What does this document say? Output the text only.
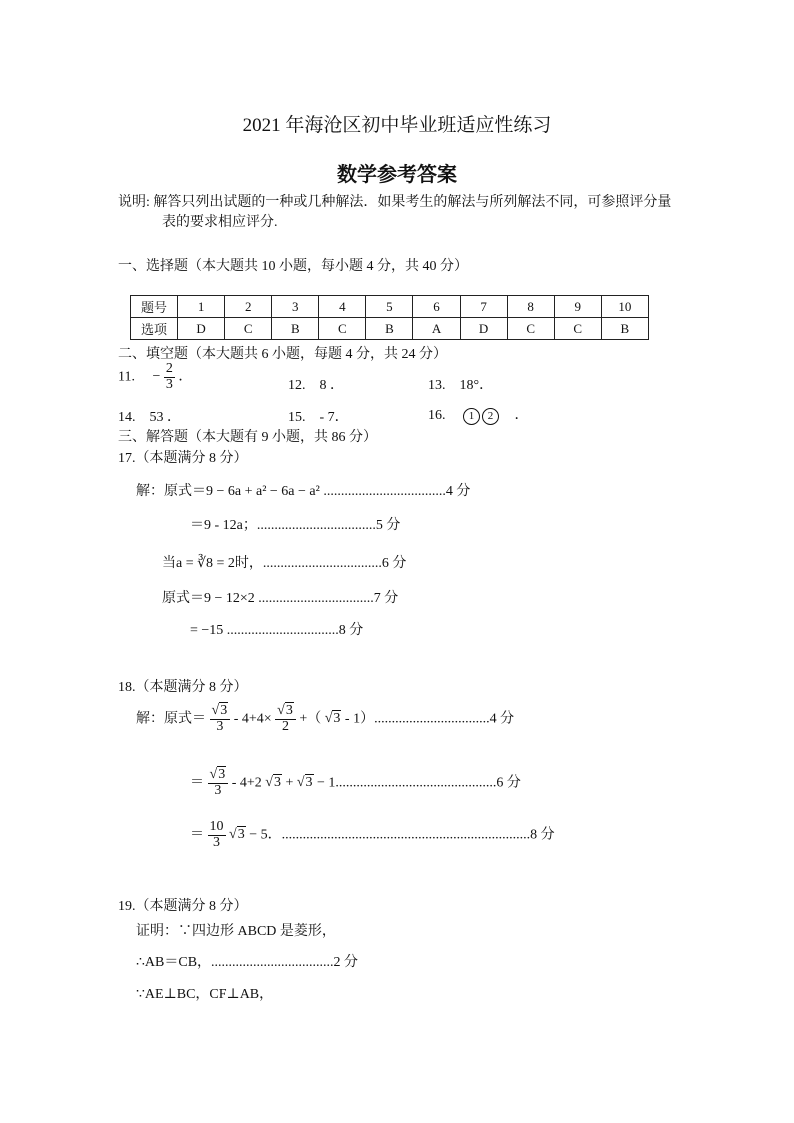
2021 年海沧区初中毕业班适应性练习
数学参考答案
说明: 解答只列出试题的一种或几种解法．如果考生的解法与所列解法不同，可参照评分量
表的要求相应评分.
一、选择题（本大题共 10 小题，每小题 4 分，共 40 分）
题号	1	2	3	4	5	6	7	8	9	10
选项	D	C	B	C	B	A	D	C	C	B
二、填空题（本大题共 6 小题，每题 4 分，共 24 分）
11. − $\frac{2}{3}$ ．
12.　8 ．	13.　18°．
14.　53 ．	15.　- 7．	16. 1 2 ．
三、解答题（本大题有 9 小题，共 86 分）
17.（本题满分 8 分）
解：原式＝9 − 6a + a² − 6a − a² ...................................4 分
＝9 - 12a；..................................5 分
当a = ∛8 = 2时，..................................6 分
原式＝9 − 12×2 .................................7 分
= −15 ................................8 分
18.（本题满分 8 分）
解：原式＝ $\frac{√3}{3} - 4+4\times \frac{√3}{2}$ +（ √3 - 1）.................................4 分
＝ $\frac{√3}{3} - 4+2$ √3 + √3 − 1..............................................6 分
＝ $\frac{10}{3} √3 - 5$．.......................................................................8 分
19.（本题满分 8 分）
证明：∵四边形 ABCD 是菱形，
∴AB＝CB，...................................2 分
∵AE⊥BC，CF⊥AB，
